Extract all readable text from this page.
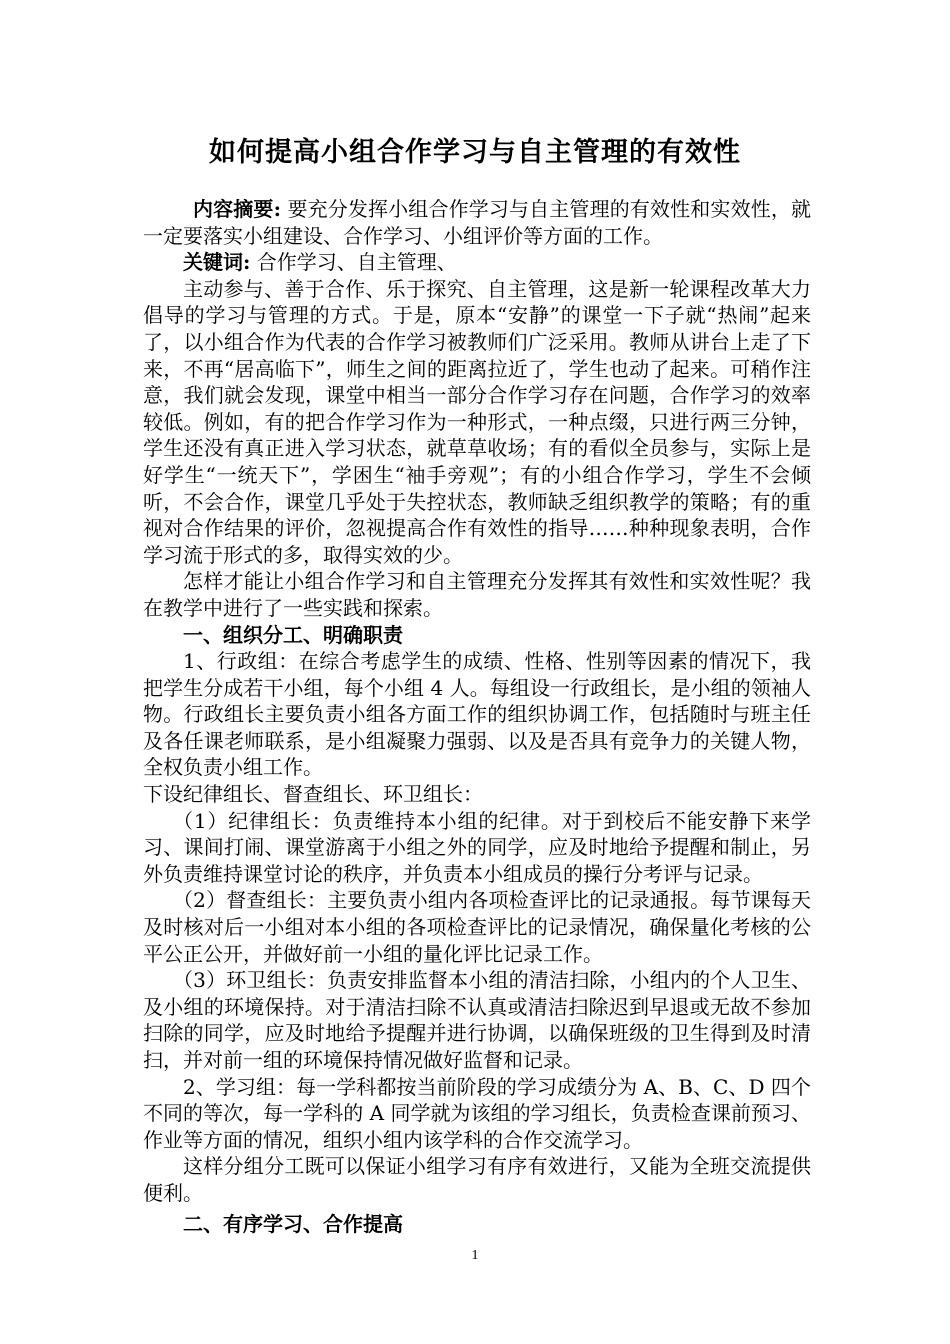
如何提高小组合作学习与自主管理的有效性

内容摘要: 要充分发挥小组合作学习与自主管理的有效性和实效性，就一定要落实小组建设、合作学习、小组评价等方面的工作。

关键词: 合作学习、自主管理、

主动参与、善于合作、乐于探究、自主管理，这是新一轮课程改革大力倡导的学习与管理的方式。于是，原本“安静”的课堂一下子就“热闹”起来了，以小组合作为代表的合作学习被教师们广泛采用。教师从讲台上走了下来，不再“居高临下”，师生之间的距离拉近了，学生也动了起来。可稍作注意，我们就会发现，课堂中相当一部分合作学习存在问题，合作学习的效率较低。例如，有的把合作学习作为一种形式，一种点缀，只进行两三分钟，学生还没有真正进入学习状态，就草草收场；有的看似全员参与，实际上是好学生“一统天下”，学困生“袖手旁观”；有的小组合作学习，学生不会倾听，不会合作，课堂几乎处于失控状态，教师缺乏组织教学的策略；有的重视对合作结果的评价，忽视提高合作有效性的指导……种种现象表明，合作学习流于形式的多，取得实效的少。

怎样才能让小组合作学习和自主管理充分发挥其有效性和实效性呢？我在教学中进行了一些实践和探索。

一、组织分工、明确职责

1、行政组：在综合考虑学生的成绩、性格、性别等因素的情况下，我把学生分成若干小组，每个小组 4 人。每组设一行政组长，是小组的领袖人物。行政组长主要负责小组各方面工作的组织协调工作，包括随时与班主任及各任课老师联系，是小组凝聚力强弱、以及是否具有竞争力的关键人物，全权负责小组工作。

下设纪律组长、督查组长、环卫组长：

（1）纪律组长：负责维持本小组的纪律。对于到校后不能安静下来学习、课间打闹、课堂游离于小组之外的同学，应及时地给予提醒和制止，另外负责维持课堂讨论的秩序，并负责本小组成员的操行分考评与记录。

（2）督查组长：主要负责小组内各项检查评比的记录通报。每节课每天及时核对后一小组对本小组的各项检查评比的记录情况，确保量化考核的公平公正公开，并做好前一小组的量化评比记录工作。

（3）环卫组长：负责安排监督本小组的清洁扫除，小组内的个人卫生、及小组的环境保持。对于清洁扫除不认真或清洁扫除迟到早退或无故不参加扫除的同学，应及时地给予提醒并进行协调，以确保班级的卫生得到及时清扫，并对前一组的环境保持情况做好监督和记录。

2、学习组：每一学科都按当前阶段的学习成绩分为 A、B、C、D 四个不同的等次，每一学科的 A 同学就为该组的学习组长，负责检查课前预习、作业等方面的情况，组织小组内该学科的合作交流学习。

这样分组分工既可以保证小组学习有序有效进行，又能为全班交流提供便利。

二、有序学习、合作提高

1
